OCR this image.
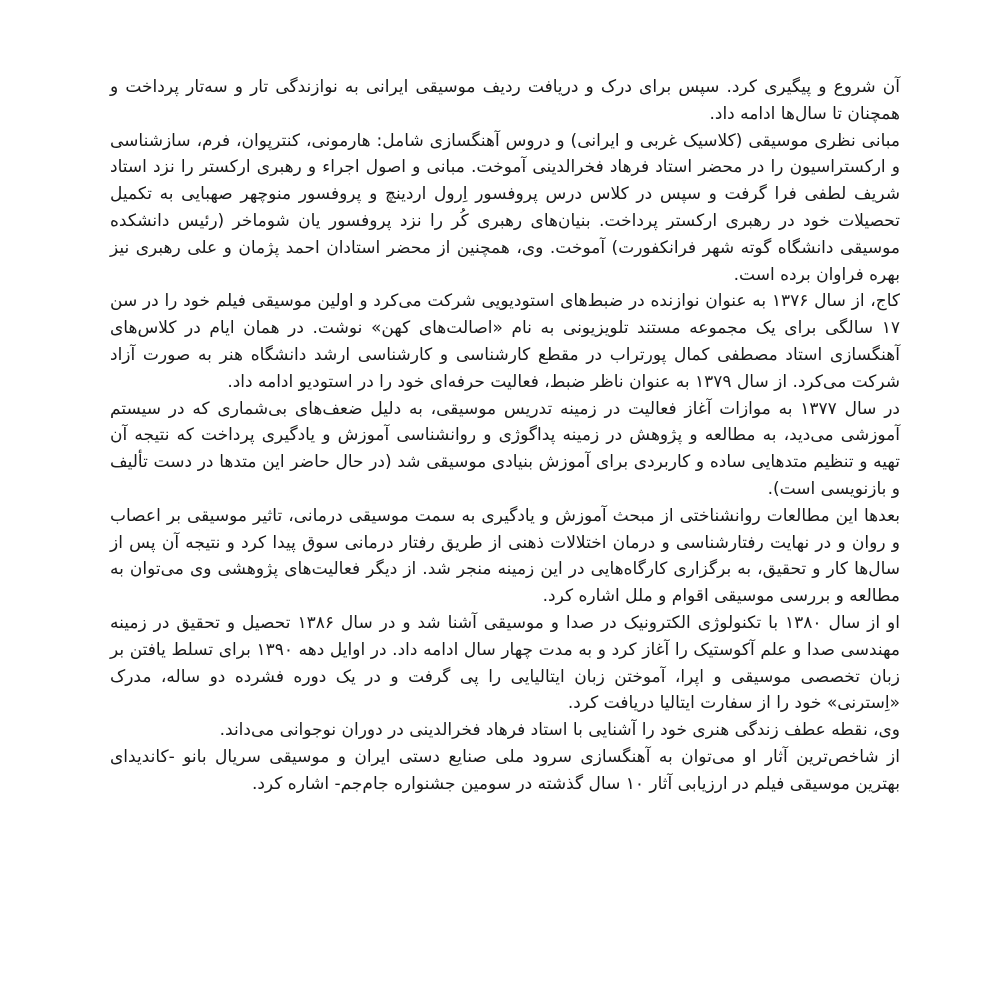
آن شروع و پیگیری کرد. سپس برای درک و دریافت ردیف موسیقی ایرانی به نوازندگی تار و سه‌تار پرداخت و همچنان تا سال‌ها ادامه داد.

مبانی نظری موسیقی (کلاسیک غربی و ایرانی) و دروس آهنگسازی شامل: هارمونی، کنترپوان، فرم، سازشناسی و ارکستراسیون را در محضر استاد فرهاد فخرالدینی آموخت. مبانی و اصول اجراء و رهبری ارکستر را نزد استاد شریف لطفی فرا گرفت و سپس در کلاس درس پروفسور اِرول اردینچ و پروفسور منوچهر صهبایی به تکمیل تحصیلات خود در رهبری ارکستر پرداخت. بنیان‌های رهبری کُر را نزد پروفسور یان شوماخر (رئیس دانشکده موسیقی دانشگاه گوته شهر فرانکفورت) آموخت. وی، همچنین از محضر استادان احمد پژمان و علی رهبری نیز بهره فراوان برده است.

کاج، از سال ۱۳۷۶ به عنوان نوازنده در ضبط‌های استودیویی شرکت می‌کرد و اولین موسیقی فیلم خود را در سن ۱۷ سالگی برای یک مجموعه مستند تلویزیونی به نام «اصالت‌های کهن» نوشت. در همان ایام در کلاس‌های آهنگسازی استاد مصطفی کمال پورتراب در مقطع کارشناسی و کارشناسی ارشد دانشگاه هنر به صورت آزاد شرکت می‌کرد. از سال ۱۳۷۹ به عنوان ناظر ضبط، فعالیت حرفه‌ای خود را در استودیو ادامه داد.

در سال ۱۳۷۷ به موازات آغاز فعالیت در زمینه تدریس موسیقی، به دلیل ضعف‌های بی‌شماری که در سیستم آموزشی می‌دید، به مطالعه و پژوهش در زمینه پداگوژی و روانشناسی آموزش و یادگیری پرداخت که نتیجه آن تهیه و تنظیم متدهایی ساده و کاربردی برای آموزش بنیادی موسیقی شد (در حال حاضر این متدها در دست تألیف و بازنویسی است).

بعدها این مطالعات روانشناختی از مبحث آموزش و یادگیری به سمت موسیقی درمانی، تاثیر موسیقی بر اعصاب و روان و در نهایت رفتارشناسی و درمان اختلالات ذهنی از طریق رفتار درمانی سوق پیدا کرد و نتیجه آن پس از سال‌ها کار و تحقیق، به برگزاری کارگاه‌هایی در این زمینه منجر شد. از دیگر فعالیت‌های پژوهشی وی می‌توان به مطالعه و بررسی موسیقی اقوام و ملل اشاره کرد.

او از سال ۱۳۸۰ با تکنولوژی الکترونیک در صدا و موسیقی آشنا شد و در سال ۱۳۸۶ تحصیل و تحقیق در زمینه مهندسی صدا و علم آکوستیک را آغاز کرد و به مدت چهار سال ادامه داد. در اوایل دهه ۱۳۹۰ برای تسلط یافتن بر زبان تخصصی موسیقی و اپرا، آموختن زبان ایتالیایی را پی گرفت و در یک دوره فشرده دو ساله، مدرک «اِسترنی» خود را از سفارت ایتالیا دریافت کرد.

وی، نقطه عطف زندگی هنری خود را آشنایی با استاد فرهاد فخرالدینی در دوران نوجوانی می‌داند.

از شاخص‌ترین آثار او می‌توان به آهنگسازی سرود ملی صنایع دستی ایران و موسیقی سریال بانو -کاندیدای بهترین موسیقی فیلم در ارزیابی آثار ۱۰ سال گذشته در سومین جشنواره جام‌جم- اشاره کرد.
